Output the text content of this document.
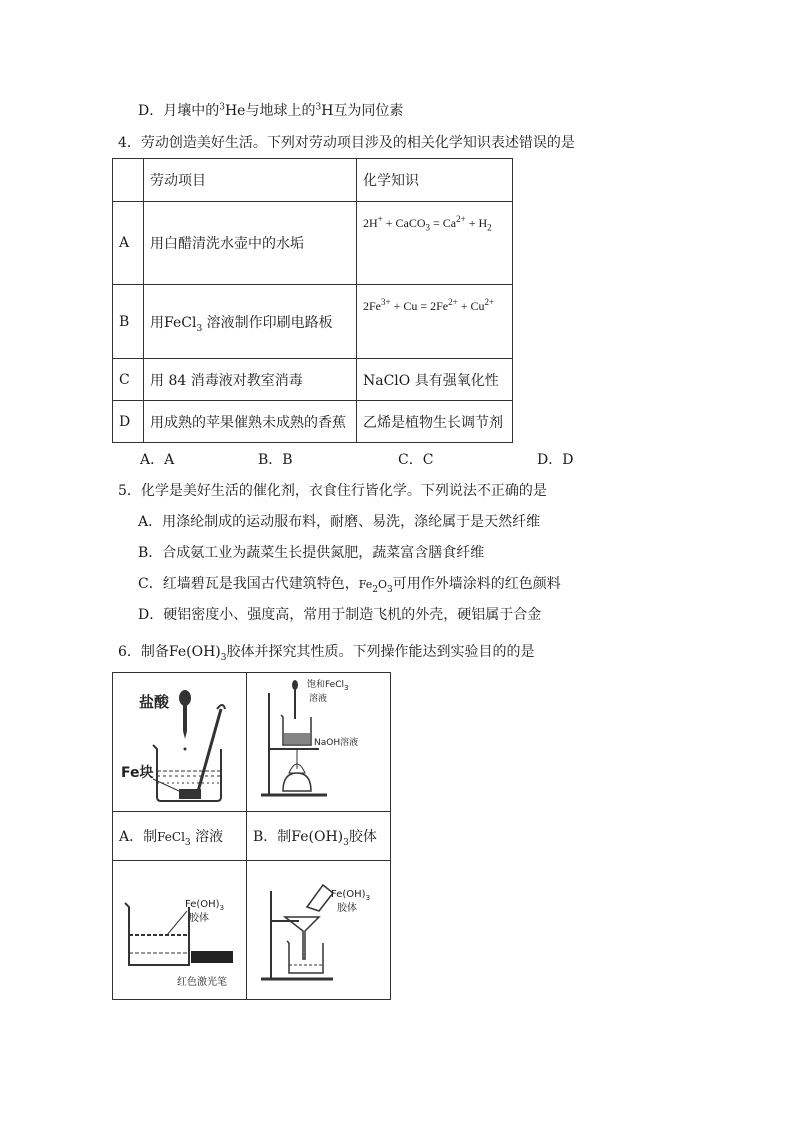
D．月壤中的$^3$He与地球上的$^3$H互为同位素
4．劳动创造美好生活。下列对劳动项目涉及的相关化学知识表述错误的是
	劳动项目	化学知识
A	用白醋清洗水壶中的水垢	2H+ + CaCO$_3$ = $Ca^{2+} + H_2$
B	用FeCl$_3$ 溶液制作印刷电路板	$2Fe^{3+} + Cu = 2Fe^{2+} + Cu^{2+}$
C	用 84 消毒液对教室消毒	NaClO 具有强氧化性
D	用成熟的苹果催熟未成熟的香蕉	乙烯是植物生长调节剂
A．A	B．B	C．C	D．D
5．化学是美好生活的催化剂，衣食住行皆化学。下列说法不正确的是
A．用涤纶制成的运动服布料，耐磨、易洗，涤纶属于是天然纤维
B．合成氨工业为蔬菜生长提供氮肥，蔬菜富含膳食纤维
C．红墙碧瓦是我国古代建筑特色，$Fe_2O_3$可用作外墙涂料的红色颜料
D．硬铝密度小、强度高，常用于制造飞机的外壳，硬铝属于合金
6．制备$Fe(OH)_3$胶体并探究其性质。下列操作能达到实验目的的是
盐酸
Fe块	饱和FeCl$_3$
溶液
NaOH溶液

A．制FeCl$_3$ 溶液	B．制$Fe(OH)_3$胶体

$Fe(OH)_3$
胶体
红色激光笔	$Fe(OH)_3$
胶体
